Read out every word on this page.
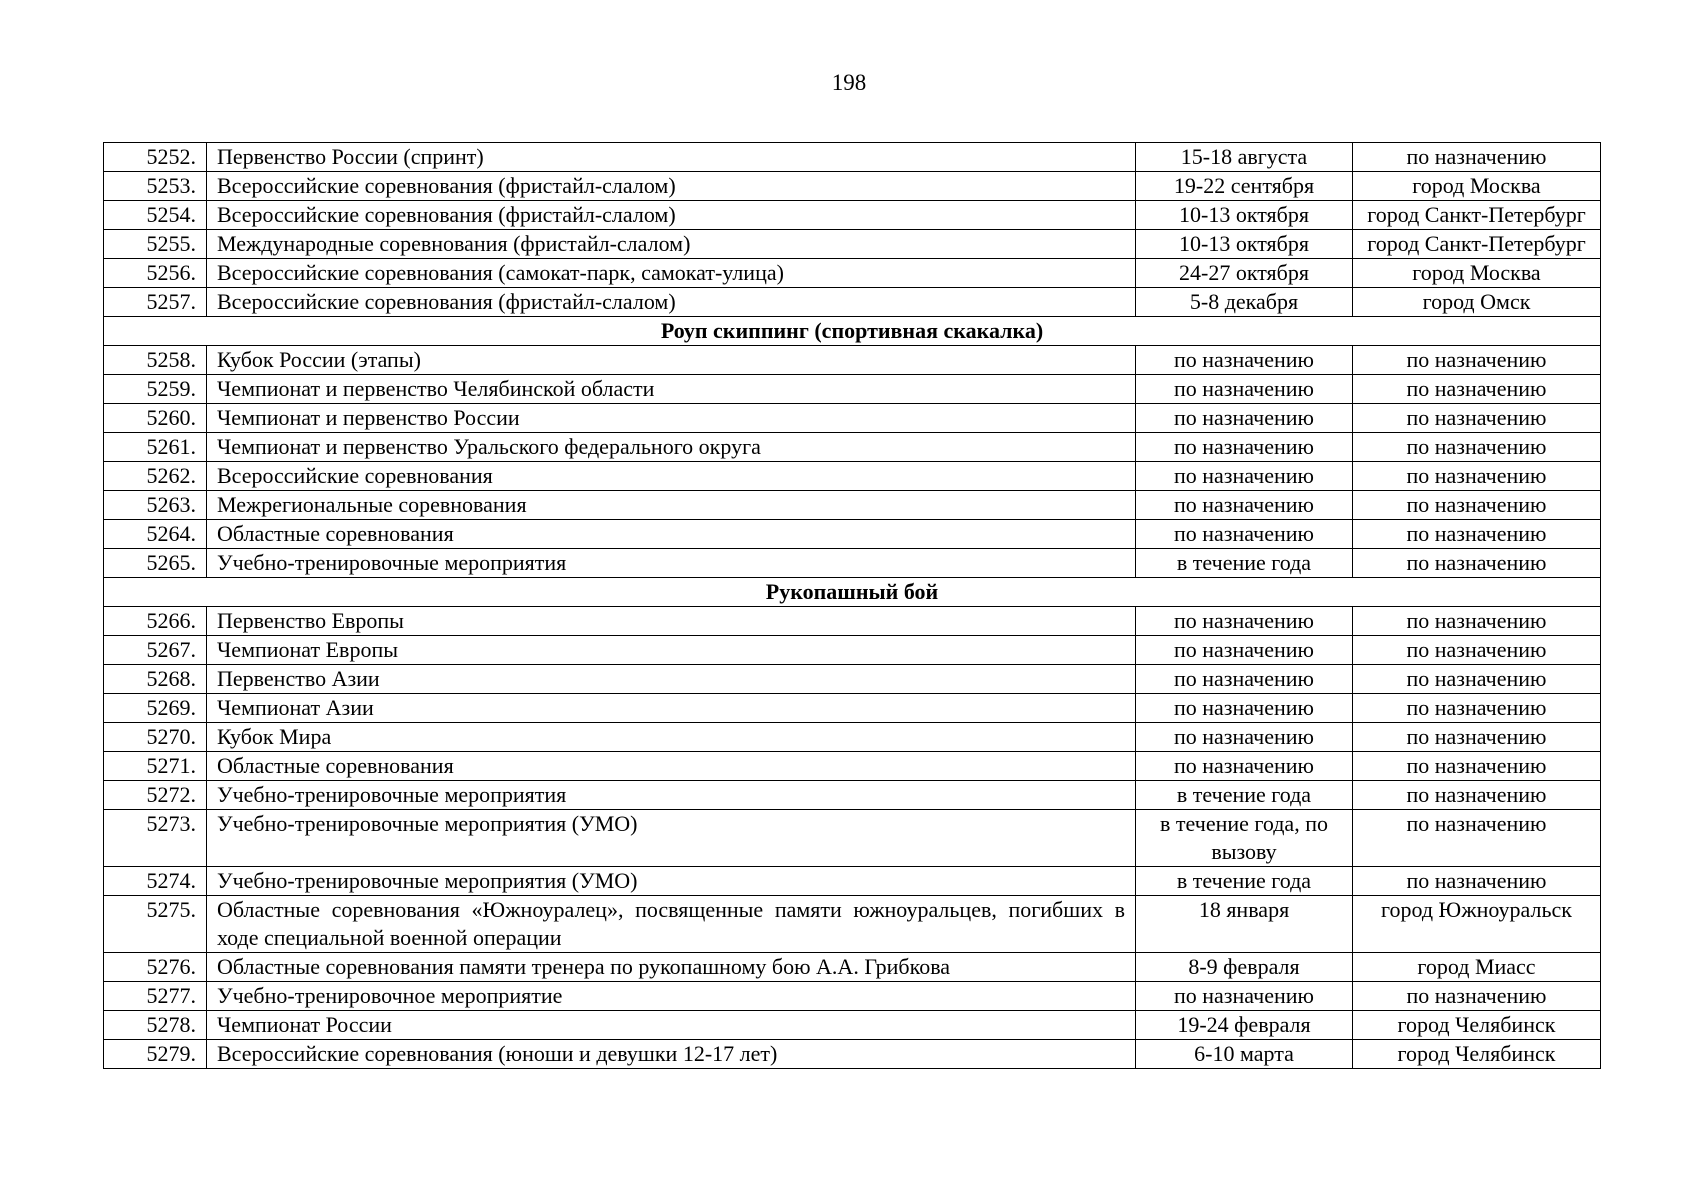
198
5252.	Первенство России (спринт)	15-18 августа	по назначению
5253.	Всероссийские соревнования (фристайл-слалом)	19-22 сентября	город Москва
5254.	Всероссийские соревнования (фристайл-слалом)	10-13 октября	город Санкт-Петербург
5255.	Международные соревнования (фристайл-слалом)	10-13 октября	город Санкт-Петербург
5256.	Всероссийские соревнования (самокат-парк, самокат-улица)	24-27 октября	город Москва
5257.	Всероссийские соревнования (фристайл-слалом)	5-8 декабря	город Омск
Роуп скиппинг (спортивная скакалка)			
5258.	Кубок России (этапы)	по назначению	по назначению
5259.	Чемпионат и первенство Челябинской области	по назначению	по назначению
5260.	Чемпионат и первенство России	по назначению	по назначению
5261.	Чемпионат и первенство Уральского федерального округа	по назначению	по назначению
5262.	Всероссийские соревнования	по назначению	по назначению
5263.	Межрегиональные соревнования	по назначению	по назначению
5264.	Областные соревнования	по назначению	по назначению
5265.	Учебно-тренировочные мероприятия	в течение года	по назначению
Рукопашный бой			
5266.	Первенство Европы	по назначению	по назначению
5267.	Чемпионат Европы	по назначению	по назначению
5268.	Первенство Азии	по назначению	по назначению
5269.	Чемпионат Азии	по назначению	по назначению
5270.	Кубок Мира	по назначению	по назначению
5271.	Областные соревнования	по назначению	по назначению
5272.	Учебно-тренировочные мероприятия	в течение года	по назначению
5273.	Учебно-тренировочные мероприятия (УМО)	в течение года, по вызову	по назначению
5274.	Учебно-тренировочные мероприятия (УМО)	в течение года	по назначению
5275.	Областные соревнования «Южноуралец», посвященные памяти южноуральцев, погибших в ходе специальной военной операции	18 января	город Южноуральск
5276.	Областные соревнования памяти тренера по рукопашному бою А.А. Грибкова	8-9 февраля	город Миасс
5277.	Учебно-тренировочное мероприятие	по назначению	по назначению
5278.	Чемпионат России	19-24 февраля	город Челябинск
5279.	Всероссийские соревнования (юноши и девушки 12-17 лет)	6-10 марта	город Челябинск
